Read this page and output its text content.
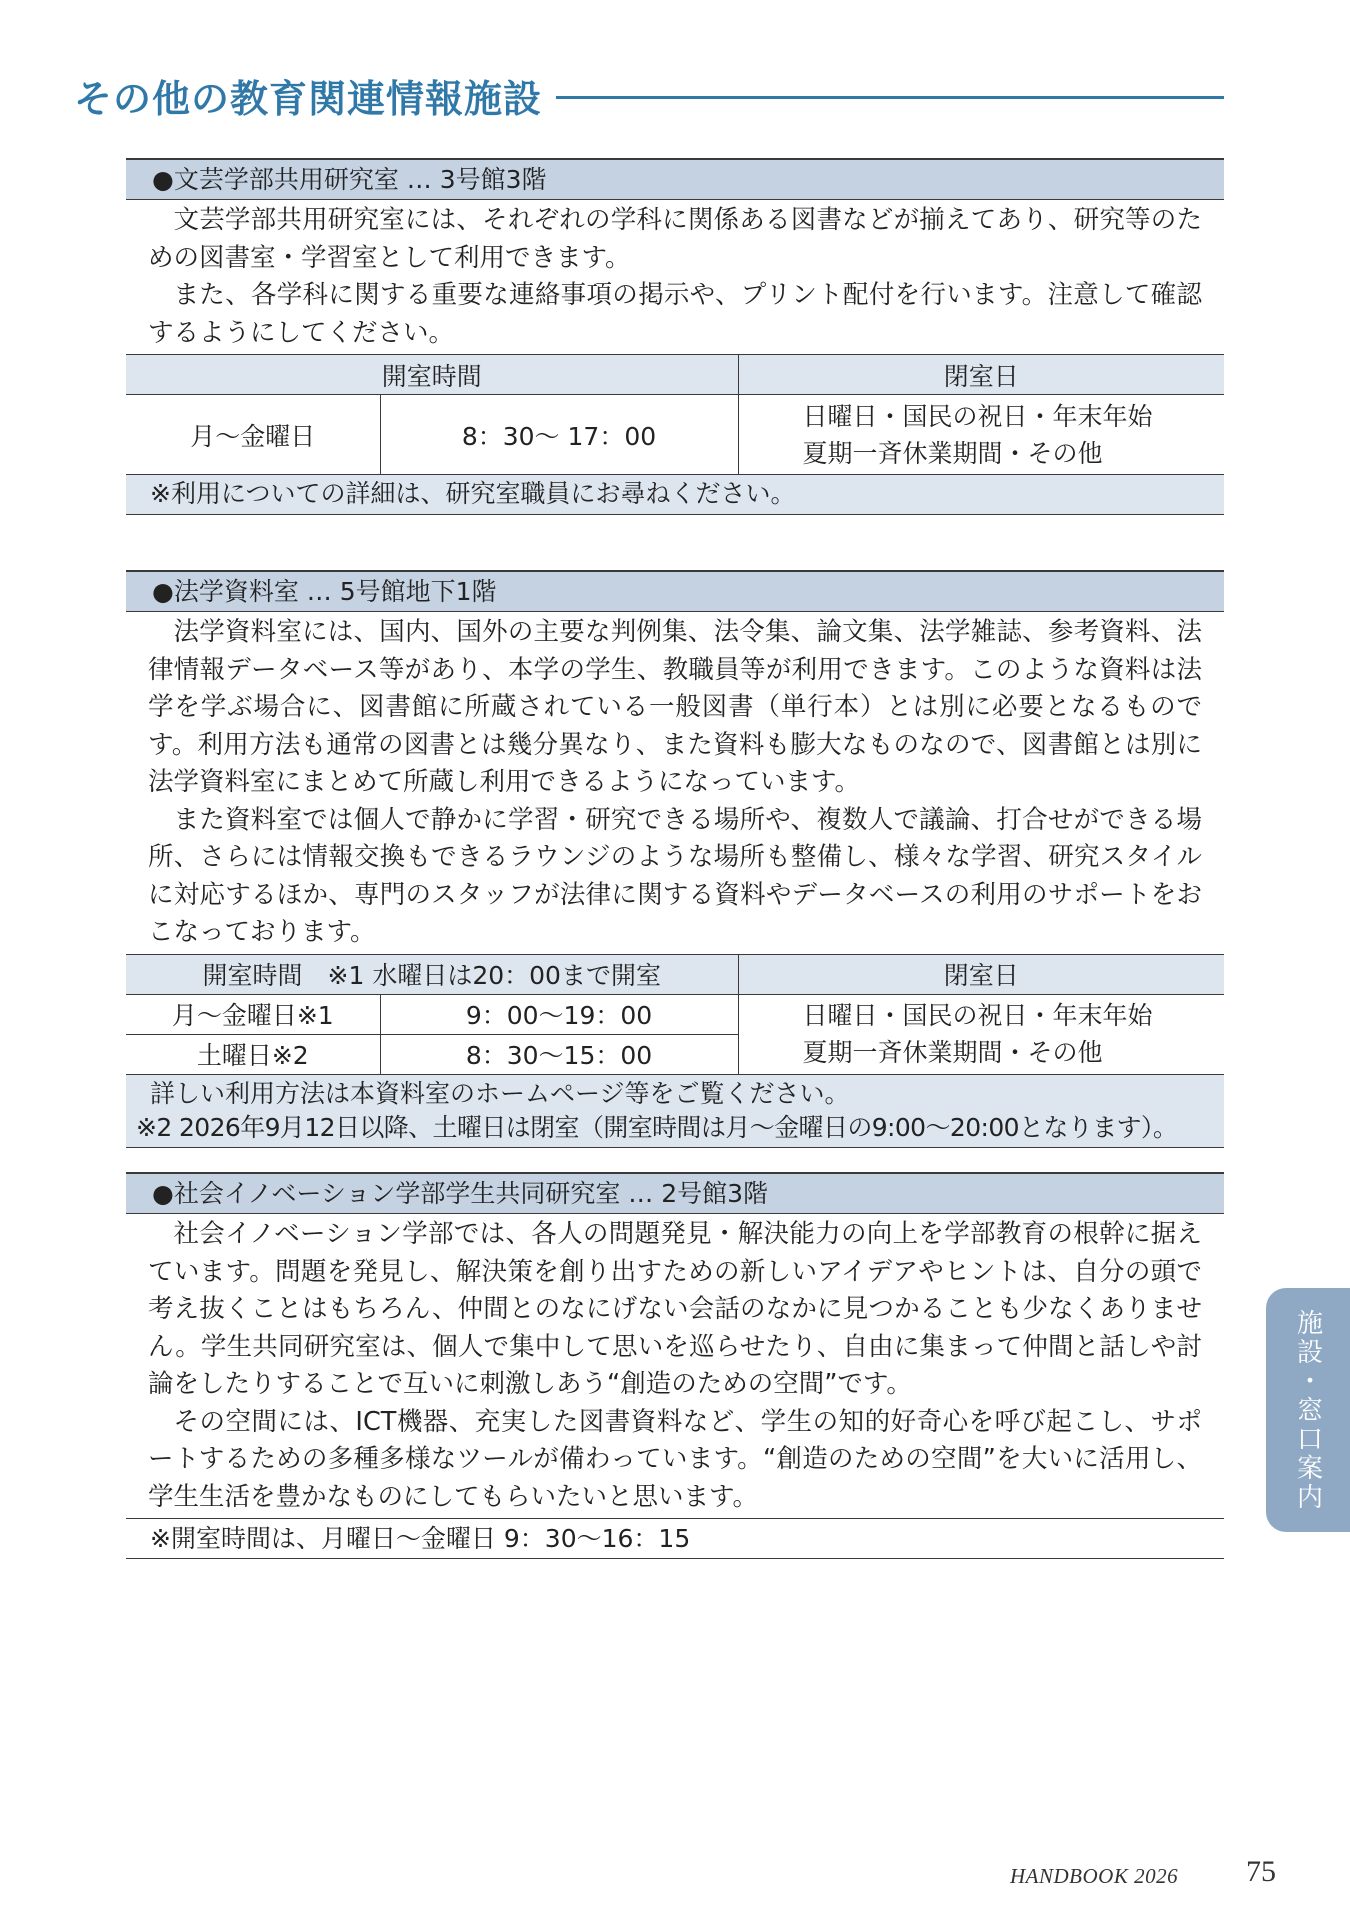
その他の教育関連情報施設
●文芸学部共用研究室 … 3号館3階

文芸学部共用研究室には、それぞれの学科に関係ある図書などが揃えてあり、研究等のための図書室・学習室として利用できます。

また、各学科に関する重要な連絡事項の掲示や、プリント配付を行います。注意して確認するようにしてください。

開室時間		閉室日
月～金曜日	8：30～ 17：00	日曜日・国民の祝日・年末年始
夏期一斉休業期間・その他
※利用についての詳細は、研究室職員にお尋ねください。
●法学資料室 … 5号館地下1階

法学資料室には、国内、国外の主要な判例集、法令集、論文集、法学雑誌、参考資料、法律情報データベース等があり、本学の学生、教職員等が利用できます。このような資料は法学を学ぶ場合に、図書館に所蔵されている一般図書（単行本）とは別に必要となるものです。利用方法も通常の図書とは幾分異なり、また資料も膨大なものなので、図書館とは別に法学資料室にまとめて所蔵し利用できるようになっています。

また資料室では個人で静かに学習・研究できる場所や、複数人で議論、打合せができる場所、さらには情報交換もできるラウンジのような場所も整備し、様々な学習、研究スタイルに対応するほか、専門のスタッフが法律に関する資料やデータベースの利用のサポートをおこなっております。

開室時間　※1 水曜日は20：00まで開室		閉室日
月～金曜日※1	9：00～19：00	日曜日・国民の祝日・年末年始
夏期一斉休業期間・その他

土曜日※2	8：30～15：00	
詳しい利用方法は本資料室のホームページ等をご覧ください。
※2 2026年9月12日以降、土曜日は閉室（開室時間は月～金曜日の9:00～20:00となります）。
●社会イノベーション学部学生共同研究室 … 2号館3階

社会イノベーション学部では、各人の問題発見・解決能力の向上を学部教育の根幹に据えています。問題を発見し、解決策を創り出すための新しいアイデアやヒントは、自分の頭で考え抜くことはもちろん、仲間とのなにげない会話のなかに見つかることも少なくありません。学生共同研究室は、個人で集中して思いを巡らせたり、自由に集まって仲間と話しや討論をしたりすることで互いに刺激しあう“創造のための空間”です。

その空間には、ICT機器、充実した図書資料など、学生の知的好奇心を呼び起こし、サポートするための多種多様なツールが備わっています。“創造のための空間”を大いに活用し、学生生活を豊かなものにしてもらいたいと思います。

※開室時間は、月曜日～金曜日 9：30～16：15
施設・窓口案内
HANDBOOK 2026 75
